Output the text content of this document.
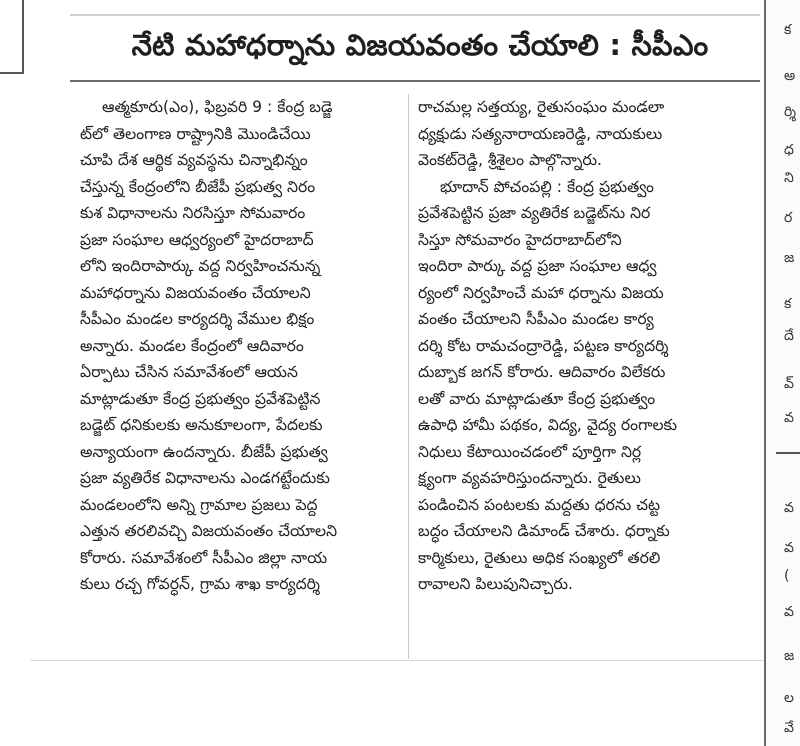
నేటి మహాధర్నాను విజయవంతం చేయాలి : సీపీఎం
ఆత్మకూరు(ఎం), ఫిబ్రవరి 9 : కేంద్ర బడ్జె
ట్‌లో తెలంగాణ రాష్ట్రానికి మొండిచేయి
చూపి దేశ ఆర్థిక వ్యవస్థను చిన్నాభిన్నం
చేస్తున్న కేంద్రంలోని బీజేపీ ప్రభుత్వ నిరం
కుశ విధానాలను నిరసిస్తూ సోమవారం
ప్రజా సంఘాల ఆధ్వర్యంలో హైదరాబాద్
లోని ఇందిరాపార్కు వద్ద నిర్వహించనున్న
మహాధర్నాను విజయవంతం చేయాలని
సీపీఎం మండల కార్యదర్శి వేముల భిక్షం
అన్నారు. మండల కేంద్రంలో ఆదివారం
ఏర్పాటు చేసిన సమావేశంలో ఆయన
మాట్లాడుతూ కేంద్ర ప్రభుత్వం ప్రవేశపెట్టిన
బడ్జెట్ ధనికులకు అనుకూలంగా, పేదలకు
అన్యాయంగా ఉందన్నారు. బీజేపీ ప్రభుత్వ
ప్రజా వ్యతిరేక విధానాలను ఎండగట్టేందుకు
మండలంలోని అన్ని గ్రామాల ప్రజలు పెద్ద
ఎత్తున తరలివచ్చి విజయవంతం చేయాలని
కోరారు. సమావేశంలో సీపీఎం జిల్లా నాయ
కులు రచ్చ గోవర్ధన్, గ్రామ శాఖ కార్యదర్శి
రాచమల్ల సత్తయ్య, రైతుసంఘం మండలా
ధ్యక్షుడు సత్యనారాయణరెడ్డి, నాయకులు
వెంకట్‌రెడ్డి, శ్రీశైలం పాల్గొన్నారు.
భూదాన్ పోచంపల్లి : కేంద్ర ప్రభుత్వం
ప్రవేశపెట్టిన ప్రజా వ్యతిరేక బడ్జెట్‌ను నిర
సిస్తూ సోమవారం హైదరాబాద్‌లోని
ఇందిరా పార్కు వద్ద ప్రజా సంఘాల ఆధ్వ
ర్యంలో నిర్వహించే మహా ధర్నాను విజయ
వంతం చేయాలని సీపీఎం మండల కార్య
దర్శి కోట రామచంద్రారెడ్డి, పట్టణ కార్యదర్శి
దుబ్బాక జగన్ కోరారు. ఆదివారం విలేకరు
లతో వారు మాట్లాడుతూ కేంద్ర ప్రభుత్వం
ఉపాధి హామీ పథకం, విద్య, వైద్య రంగాలకు
నిధులు కేటాయించడంలో పూర్తిగా నిర్ల
క్ష్యంగా వ్యవహరిస్తుందన్నారు. రైతులు
పండించిన పంటలకు మద్దతు ధరను చట్ట
బద్ధం చేయాలని డిమాండ్ చేశారు. ధర్నాకు
కార్మికులు, రైతులు అధిక సంఖ్యలో తరలి
రావాలని పిలుపునిచ్చారు.
క
అ
ర్శి
ధ
ని
ర
జ
క
దే
వ్
వ
వ
వ
(
వ
జ
ల
వే
